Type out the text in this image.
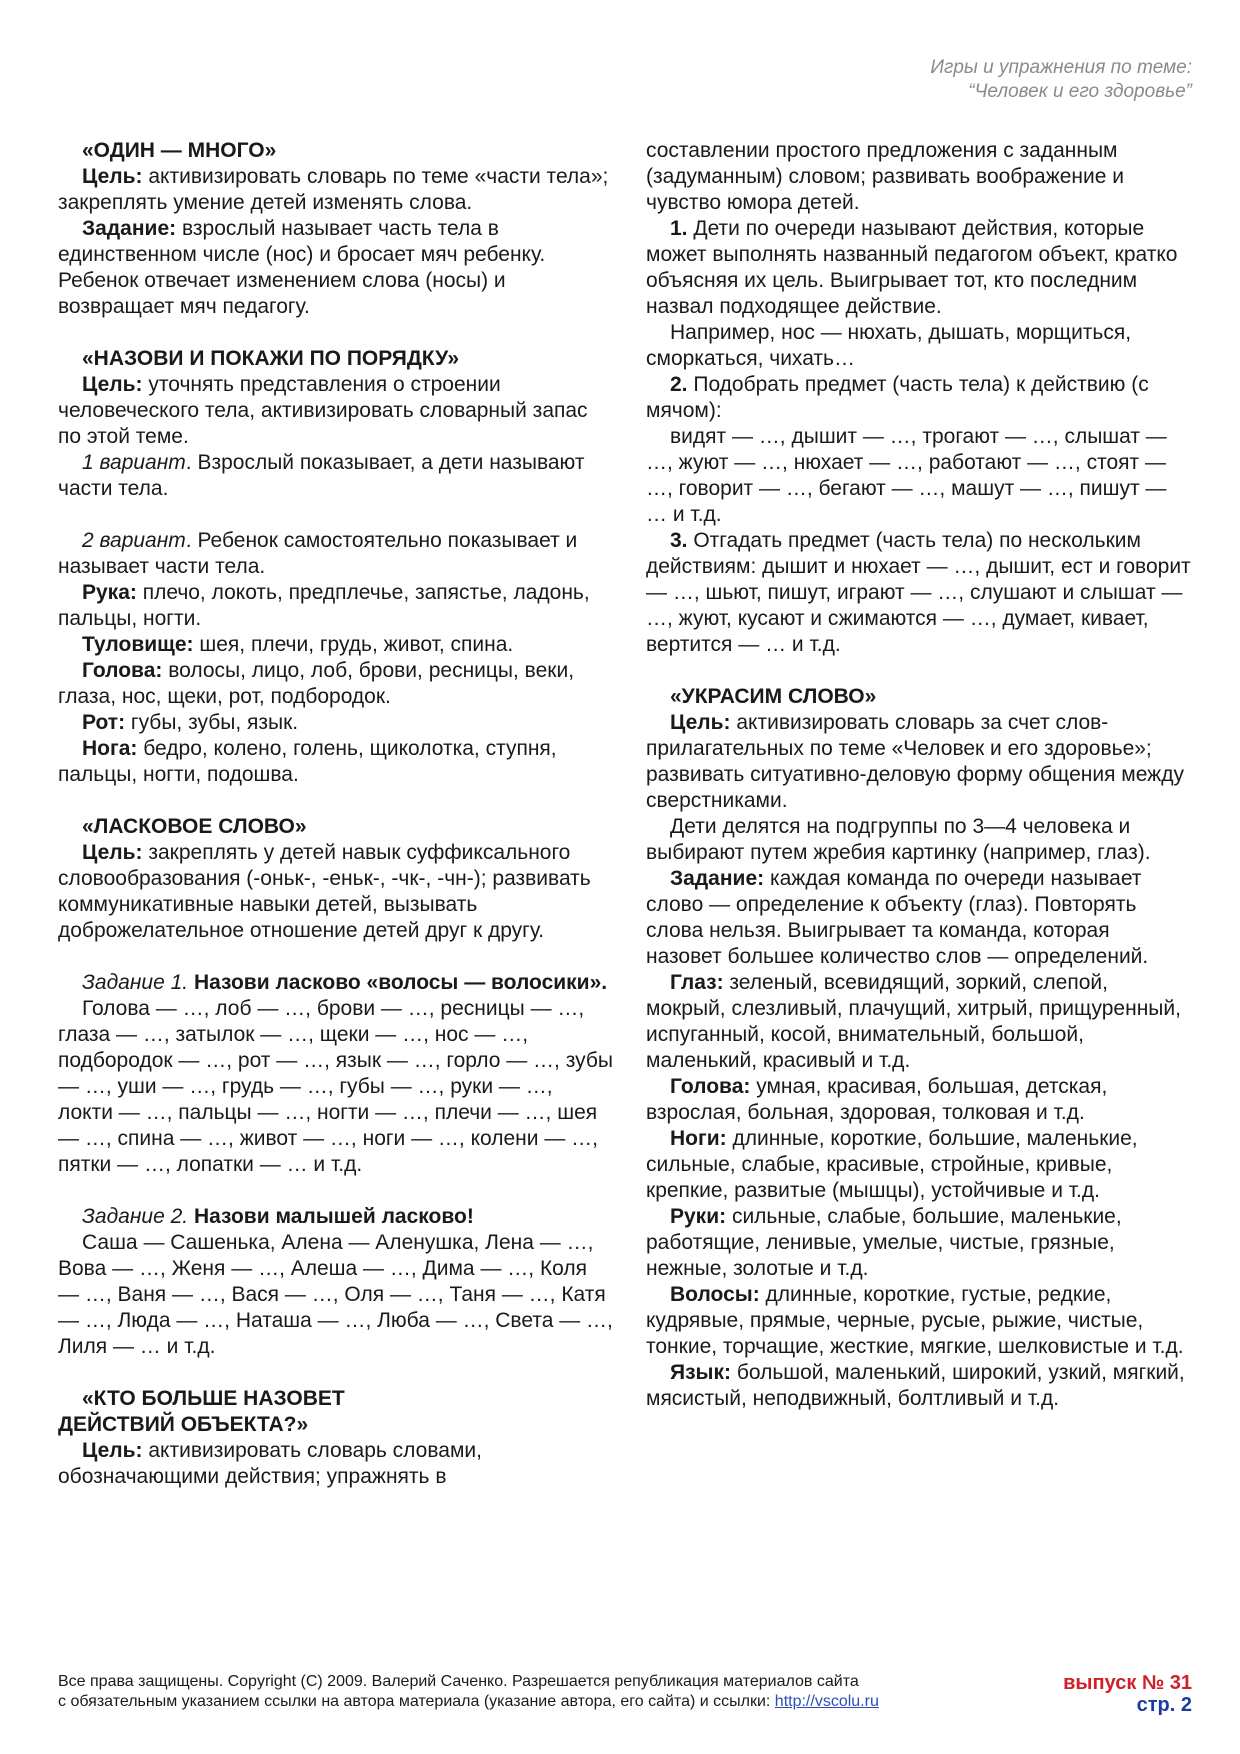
Игры и упражнения по теме:
“Человек и его здоровье”

«ОДИН — МНОГО»

Цель: активизировать словарь по теме «части тела»; закреплять умение детей изменять слова.

Задание: взрослый называет часть тела в единственном числе (нос) и бросает мяч ребенку. Ребенок отвечает изменением слова (носы) и возвращает мяч педагогу.

«НАЗОВИ И ПОКАЖИ ПО ПОРЯДКУ»

Цель: уточнять представления о строении человеческого тела, активизировать словарный запас по этой теме.

1 вариант. Взрослый показывает, а дети называют части тела.

2 вариант. Ребенок самостоятельно показывает и называет части тела.

Рука: плечо, локоть, предплечье, запястье, ладонь, пальцы, ногти.

Туловище: шея, плечи, грудь, живот, спина.

Голова: волосы, лицо, лоб, брови, ресницы, веки, глаза, нос, щеки, рот, подбородок.

Рот: губы, зубы, язык.

Нога: бедро, колено, голень, щиколотка, ступня, пальцы, ногти, подошва.

«ЛАСКОВОЕ СЛОВО»

Цель: закреплять у детей навык суффиксального словообразования (-оньк-, -еньк-, -чк-, -чн-); развивать коммуникативные навыки детей, вызывать доброжелательное отношение детей друг к другу.

Задание 1. Назови ласково «волосы — волосики».

Голова — …, лоб — …, брови — …, ресницы — …, глаза — …, затылок — …, щеки — …, нос — …, подбородок — …, рот — …, язык — …, горло — …, зубы — …, уши — …, грудь — …, губы — …, руки — …, локти — …, пальцы — …, ногти — …, плечи — …, шея — …, спина — …, живот — …, ноги — …, колени — …, пятки — …, лопатки — … и т.д.

Задание 2. Назови малышей ласково!

Саша — Сашенька, Алена — Аленушка, Лена — …, Вова — …, Женя — …, Алеша — …, Дима — …, Коля — …, Ваня — …, Вася — …, Оля — …, Таня — …, Катя — …, Люда — …, Наташа — …, Люба — …, Света — …, Лиля — … и т.д.

«КТО БОЛЬШЕ НАЗОВЕТ

ДЕЙСТВИЙ ОБЪЕКТА?»

Цель: активизировать словарь словами, обозначающими действия; упражнять в

составлении простого предложения с заданным (задуманным) словом; развивать воображение и чувство юмора детей.

1. Дети по очереди называют действия, которые может выполнять названный педагогом объект, кратко объясняя их цель. Выигрывает тот, кто последним назвал подходящее действие.

Например, нос — нюхать, дышать, морщиться, сморкаться, чихать…

2. Подобрать предмет (часть тела) к действию (с мячом):

видят — …, дышит — …, трогают — …, слышат — …, жуют — …, нюхает — …, работают — …, стоят — …, говорит — …, бегают — …, машут — …, пишут — … и т.д.

3. Отгадать предмет (часть тела) по нескольким действиям: дышит и нюхает — …, дышит, ест и говорит — …, шьют, пишут, играют — …, слушают и слышат — …, жуют, кусают и сжимаются — …, думает, кивает, вертится — … и т.д.

«УКРАСИМ СЛОВО»

Цель: активизировать словарь за счет слов-прилагательных по теме «Человек и его здоровье»; развивать ситуативно-деловую форму общения между сверстниками.

Дети делятся на подгруппы по 3—4 человека и выбирают путем жребия картинку (например, глаз).

Задание: каждая команда по очереди называет слово — определение к объекту (глаз). Повторять слова нельзя. Выигрывает та команда, которая назовет большее количество слов — определений.

Глаз: зеленый, всевидящий, зоркий, слепой, мокрый, слезливый, плачущий, хитрый, прищуренный, испуганный, косой, внимательный, большой, маленький, красивый и т.д.

Голова: умная, красивая, большая, детская, взрослая, больная, здоровая, толковая и т.д.

Ноги: длинные, короткие, большие, маленькие, сильные, слабые, красивые, стройные, кривые, крепкие, развитые (мышцы), устойчивые и т.д.

Руки: сильные, слабые, большие, маленькие, работящие, ленивые, умелые, чистые, грязные, нежные, золотые и т.д.

Волосы: длинные, короткие, густые, редкие, кудрявые, прямые, черные, русые, рыжие, чистые, тонкие, торчащие, жесткие, мягкие, шелковистые и т.д.

Язык: большой, маленький, широкий, узкий, мягкий, мясистый, неподвижный, болтливый и т.д.

Все права защищены. Copyright (C) 2009. Валерий Саченко. Разрешается републикация материалов сайта
с обязательным указанием ссылки на автора материала (указание автора, его сайта) и ссылки: http://vscolu.ru
выпуск № 31
стр. 2
